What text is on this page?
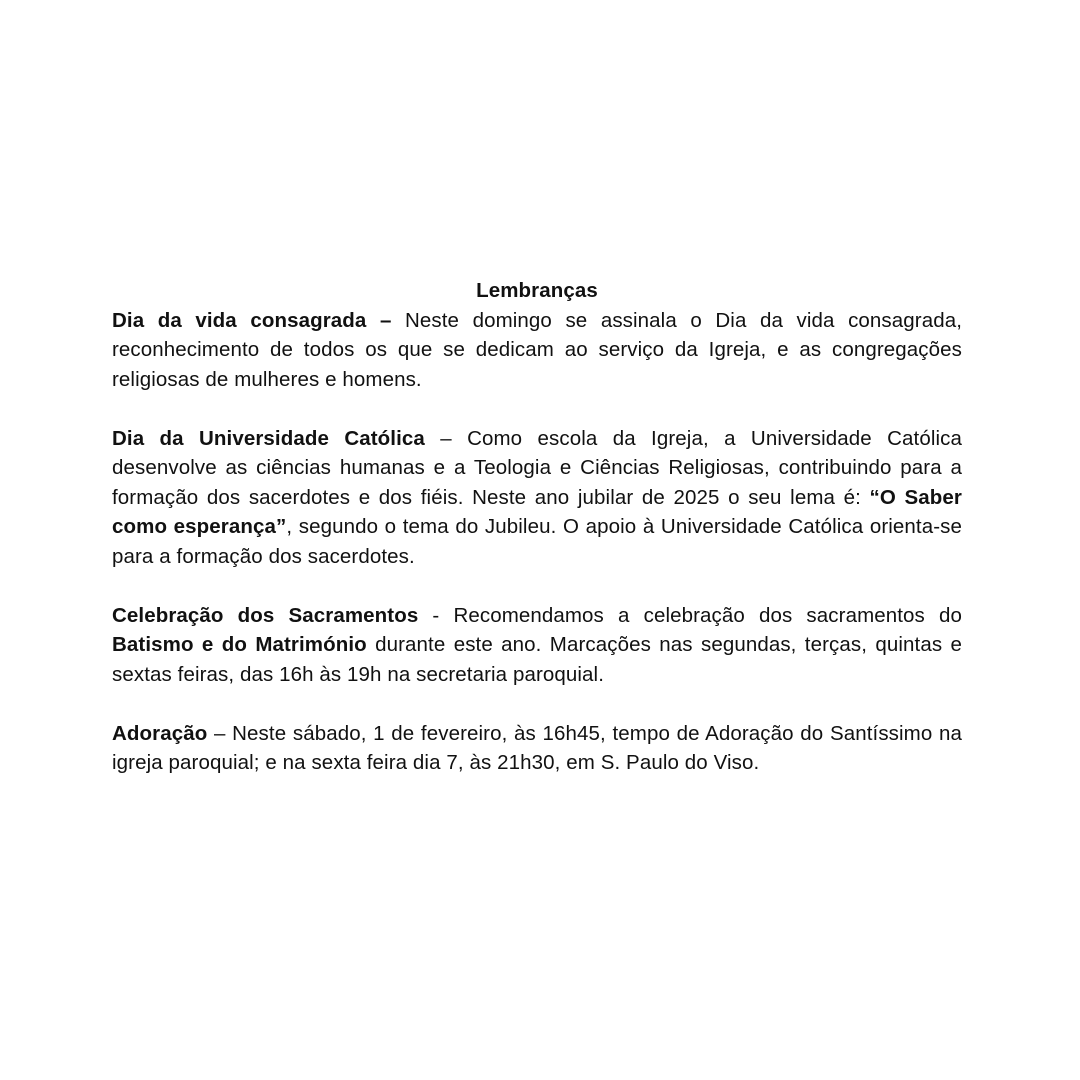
Lembranças

Dia da vida consagrada – Neste domingo se assinala o Dia da vida consagrada, reconhecimento de todos os que se dedicam ao serviço da Igreja, e as congregações religiosas de mulheres e homens.

Dia da Universidade Católica – Como escola da Igreja, a Universidade Católica desenvolve as ciências humanas e a Teologia e Ciências Religiosas, contribuindo para a formação dos sacerdotes e dos fiéis. Neste ano jubilar de 2025 o seu lema é: “O Saber como esperança”, segundo o tema do Jubileu. O apoio à Universidade Católica orienta-se para a formação dos sacerdotes.

Celebração dos Sacramentos - Recomendamos a celebração dos sacramentos do Batismo e do Matrimónio durante este ano. Marcações nas segundas, terças, quintas e sextas feiras, das 16h às 19h na secretaria paroquial.

Adoração – Neste sábado, 1 de fevereiro, às 16h45, tempo de Adoração do Santíssimo na igreja paroquial; e na sexta feira dia 7, às 21h30, em S. Paulo do Viso.
